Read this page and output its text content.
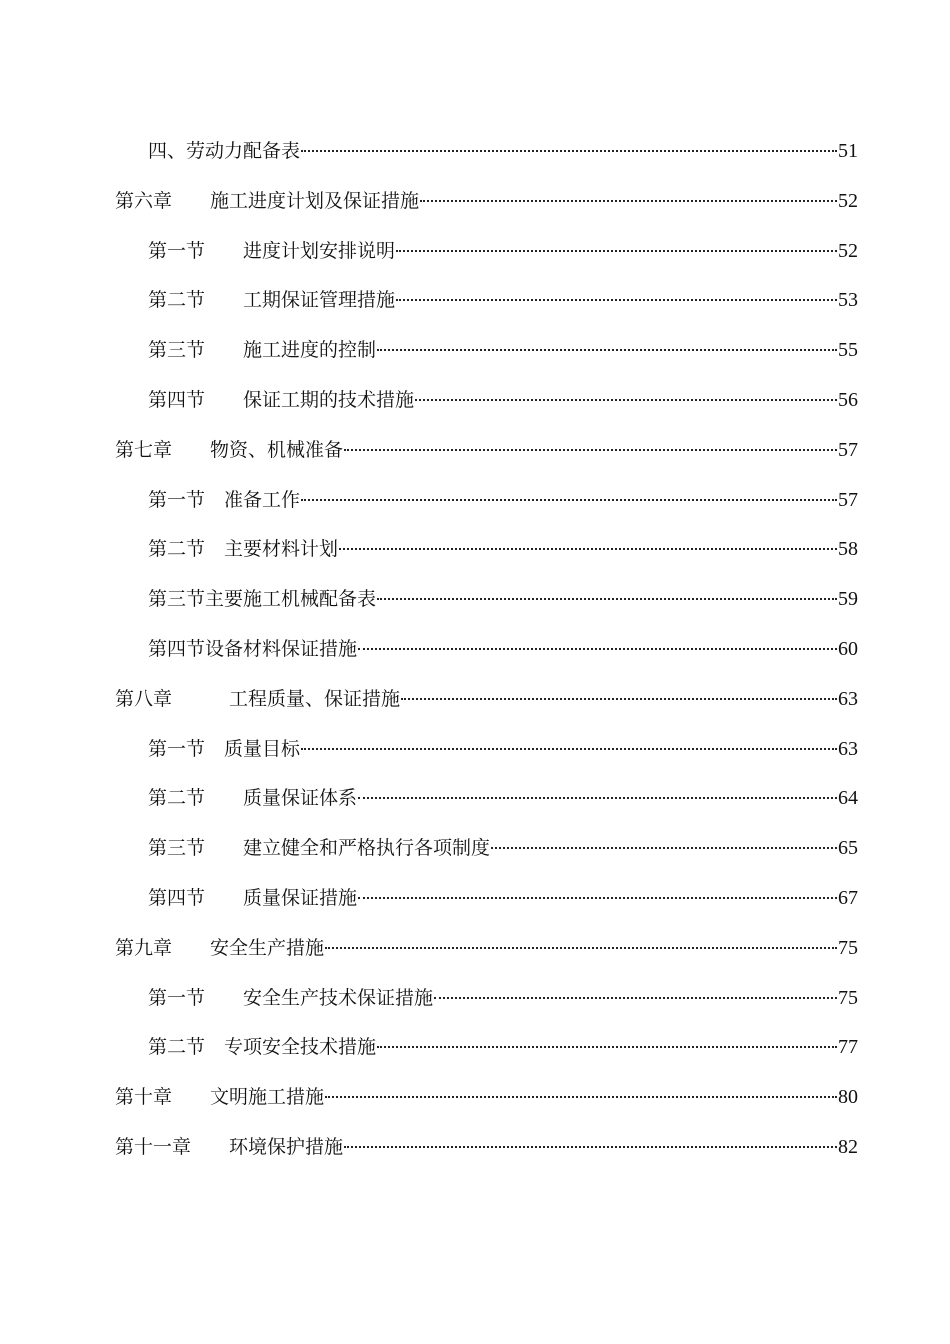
四、劳动力配备表	51
第六章　　施工进度计划及保证措施	52
第一节　　进度计划安排说明	52
第二节　　工期保证管理措施	53
第三节　　施工进度的控制	55
第四节　　保证工期的技术措施	56
第七章　　物资、机械准备	57
第一节　准备工作	57
第二节　主要材料计划	58
第三节主要施工机械配备表	59
第四节设备材料保证措施	60
第八章　　　工程质量、保证措施	63
第一节　质量目标	63
第二节　　质量保证体系	64
第三节　　建立健全和严格执行各项制度	65
第四节　　质量保证措施	67
第九章　　安全生产措施	75
第一节　　安全生产技术保证措施	75
第二节　专项安全技术措施	77
第十章　　文明施工措施	80
第十一章　　环境保护措施	82
